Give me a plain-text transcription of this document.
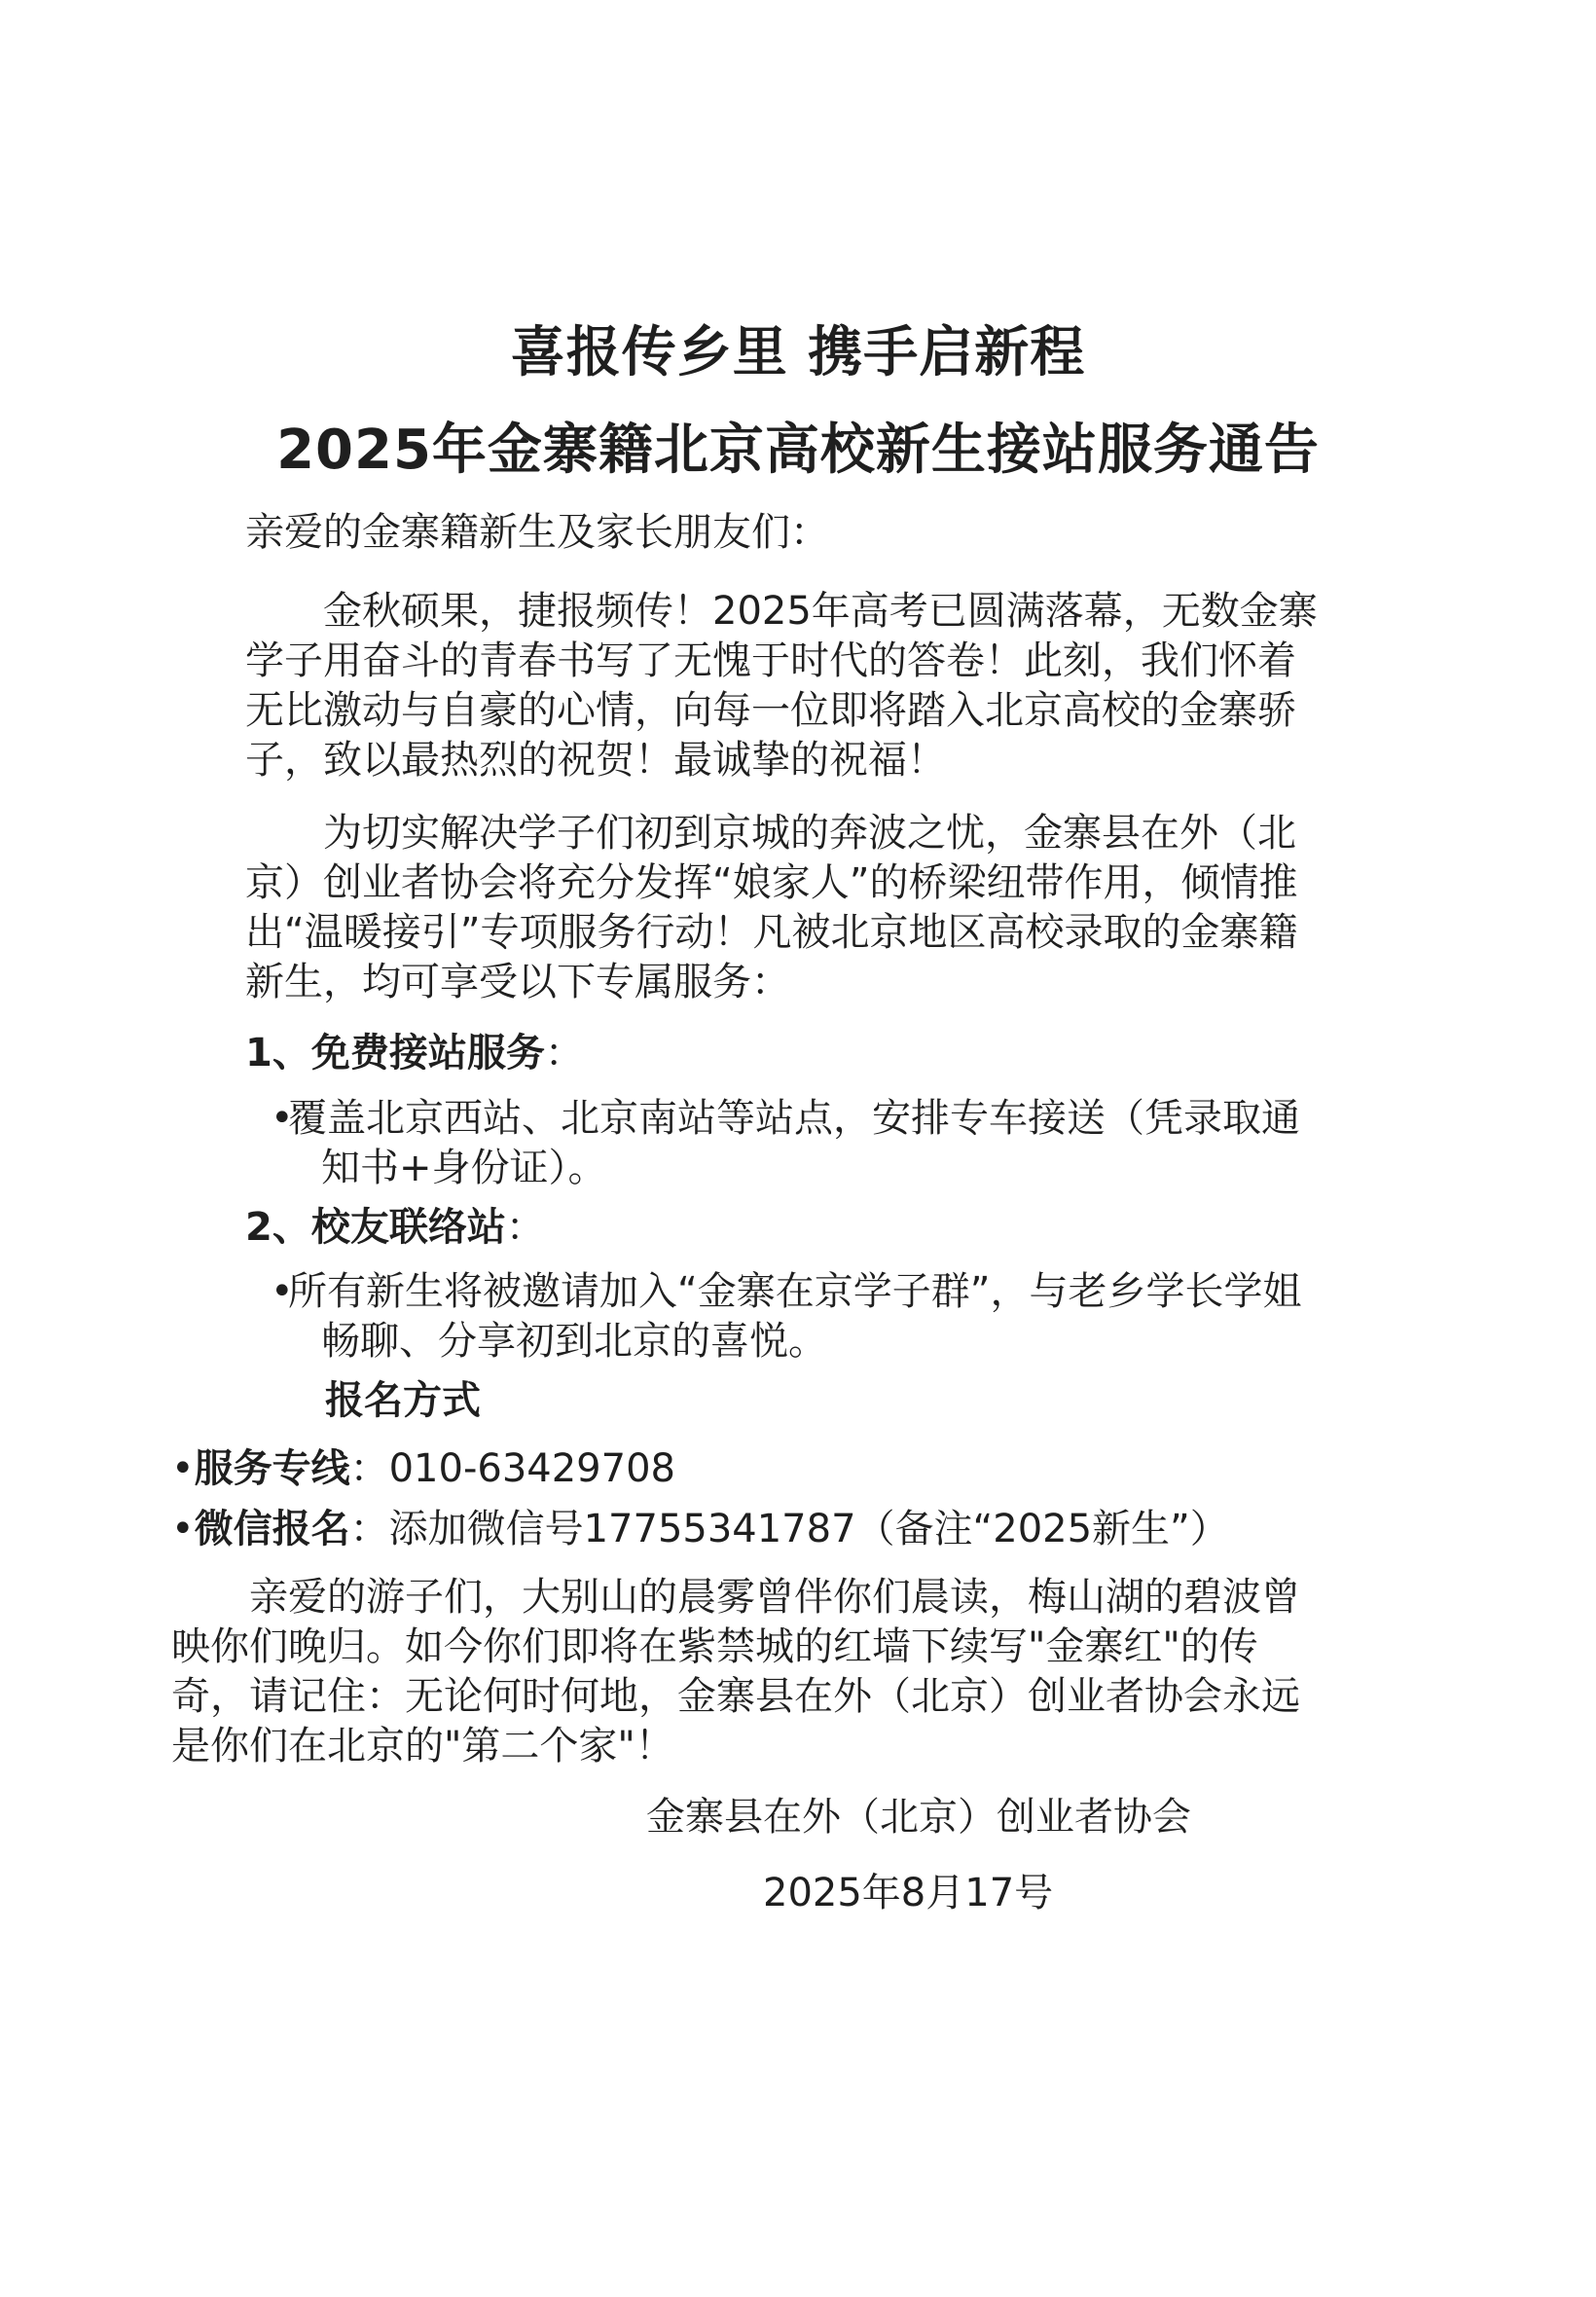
喜报传乡里 携手启新程
2025年金寨籍北京高校新生接站服务通告

亲爱的金寨籍新生及家长朋友们：

　　金秋硕果，捷报频传！2025年高考已圆满落幕，无数金寨
学子用奋斗的青春书写了无愧于时代的答卷！此刻，我们怀着
无比激动与自豪的心情，向每一位即将踏入北京高校的金寨骄
子，致以最热烈的祝贺！最诚挚的祝福！
　　为切实解决学子们初到京城的奔波之忧，金寨县在外（北
京）创业者协会将充分发挥“娘家人”的桥梁纽带作用，倾情推
出“温暖接引”专项服务行动！凡被北京地区高校录取的金寨籍
新生，均可享受以下专属服务：

1、免费接站服务：

•
覆盖北京西站、北京南站等站点，安排专车接送（凭录取通
知书+身份证）。

2、校友联络站：

•
所有新生将被邀请加入“金寨在京学子群”，与老乡学长学姐
畅聊、分享初到北京的喜悦。

报名方式

•服务专线：010-63429708

•微信报名：添加微信号17755341787（备注“2025新生”）

　　亲爱的游子们，大别山的晨雾曾伴你们晨读，梅山湖的碧波曾
映你们晚归。如今你们即将在紫禁城的红墙下续写"金寨红"的传
奇，请记住：无论何时何地，金寨县在外（北京）创业者协会永远
是你们在北京的"第二个家"！

金寨县在外（北京）创业者协会

2025年8月17号
